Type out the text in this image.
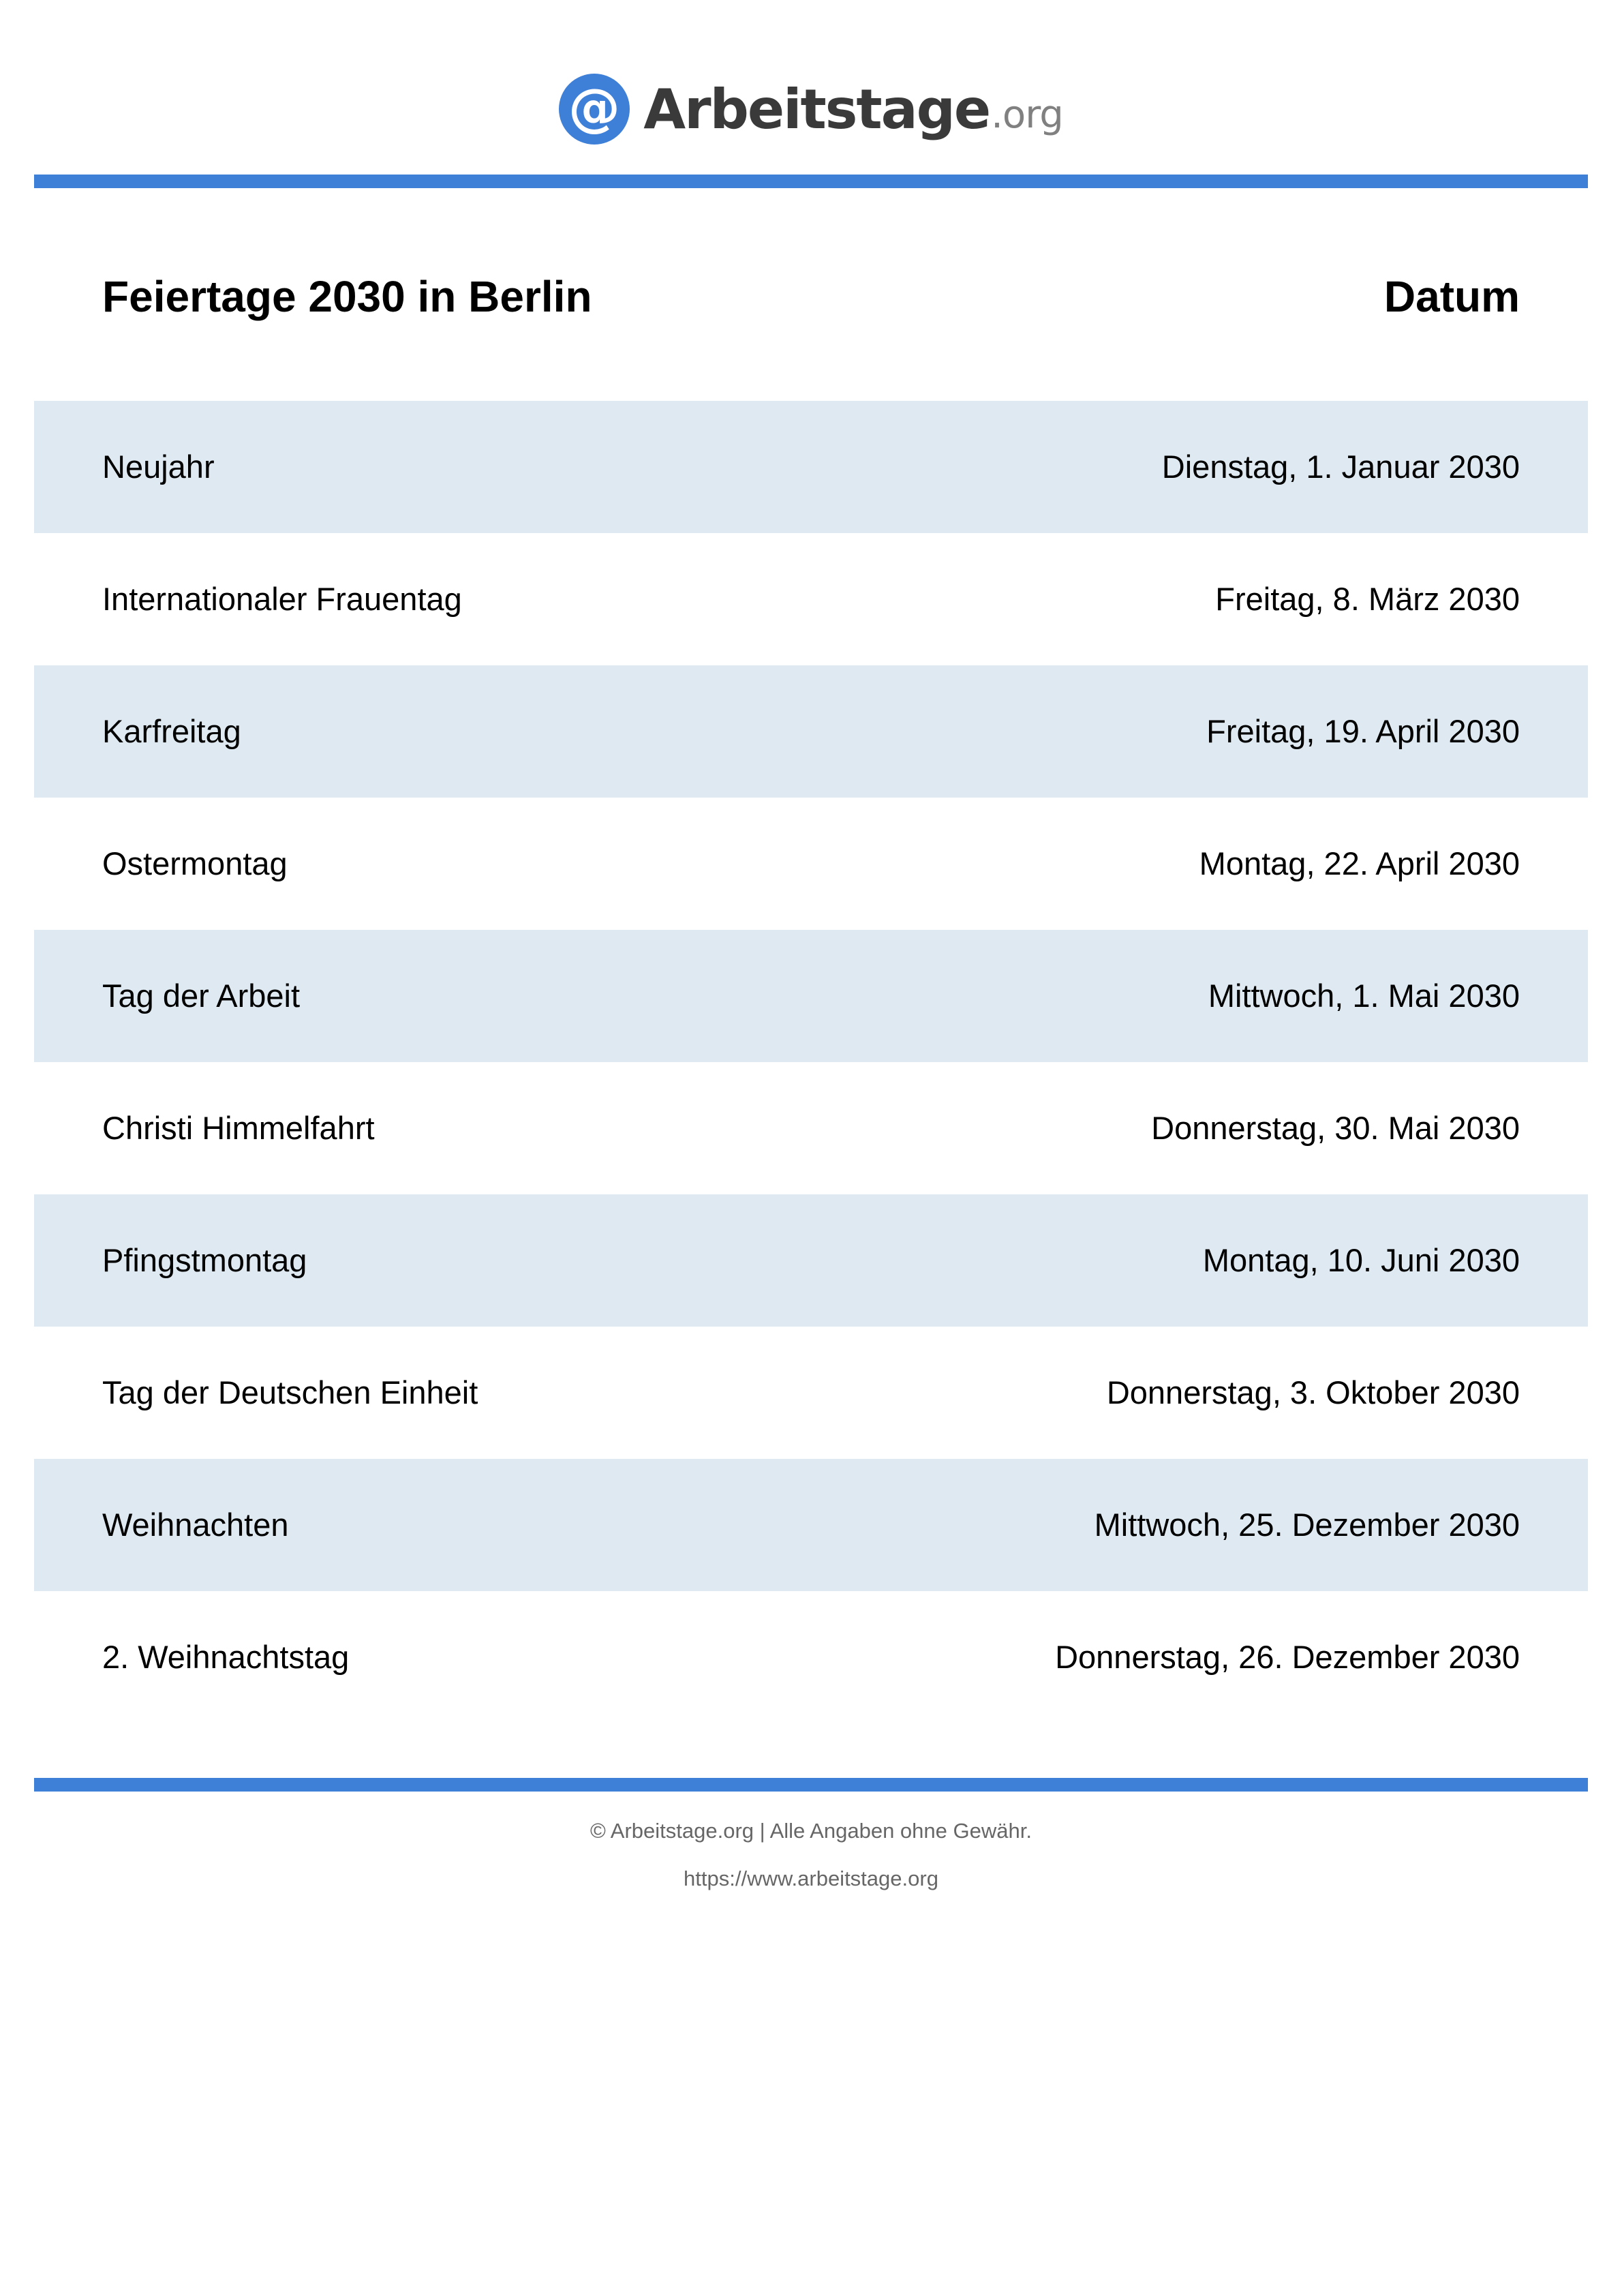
@ Arbeitstage .org
Feiertage 2030 in Berlin	Datum
Neujahr	Dienstag, 1. Januar 2030
Internationaler Frauentag	Freitag, 8. März 2030
Karfreitag	Freitag, 19. April 2030
Ostermontag	Montag, 22. April 2030
Tag der Arbeit	Mittwoch, 1. Mai 2030
Christi Himmelfahrt	Donnerstag, 30. Mai 2030
Pfingstmontag	Montag, 10. Juni 2030
Tag der Deutschen Einheit	Donnerstag, 3. Oktober 2030
Weihnachten	Mittwoch, 25. Dezember 2030
2. Weihnachtstag	Donnerstag, 26. Dezember 2030
© Arbeitstage.org | Alle Angaben ohne Gewähr.
https://www.arbeitstage.org
